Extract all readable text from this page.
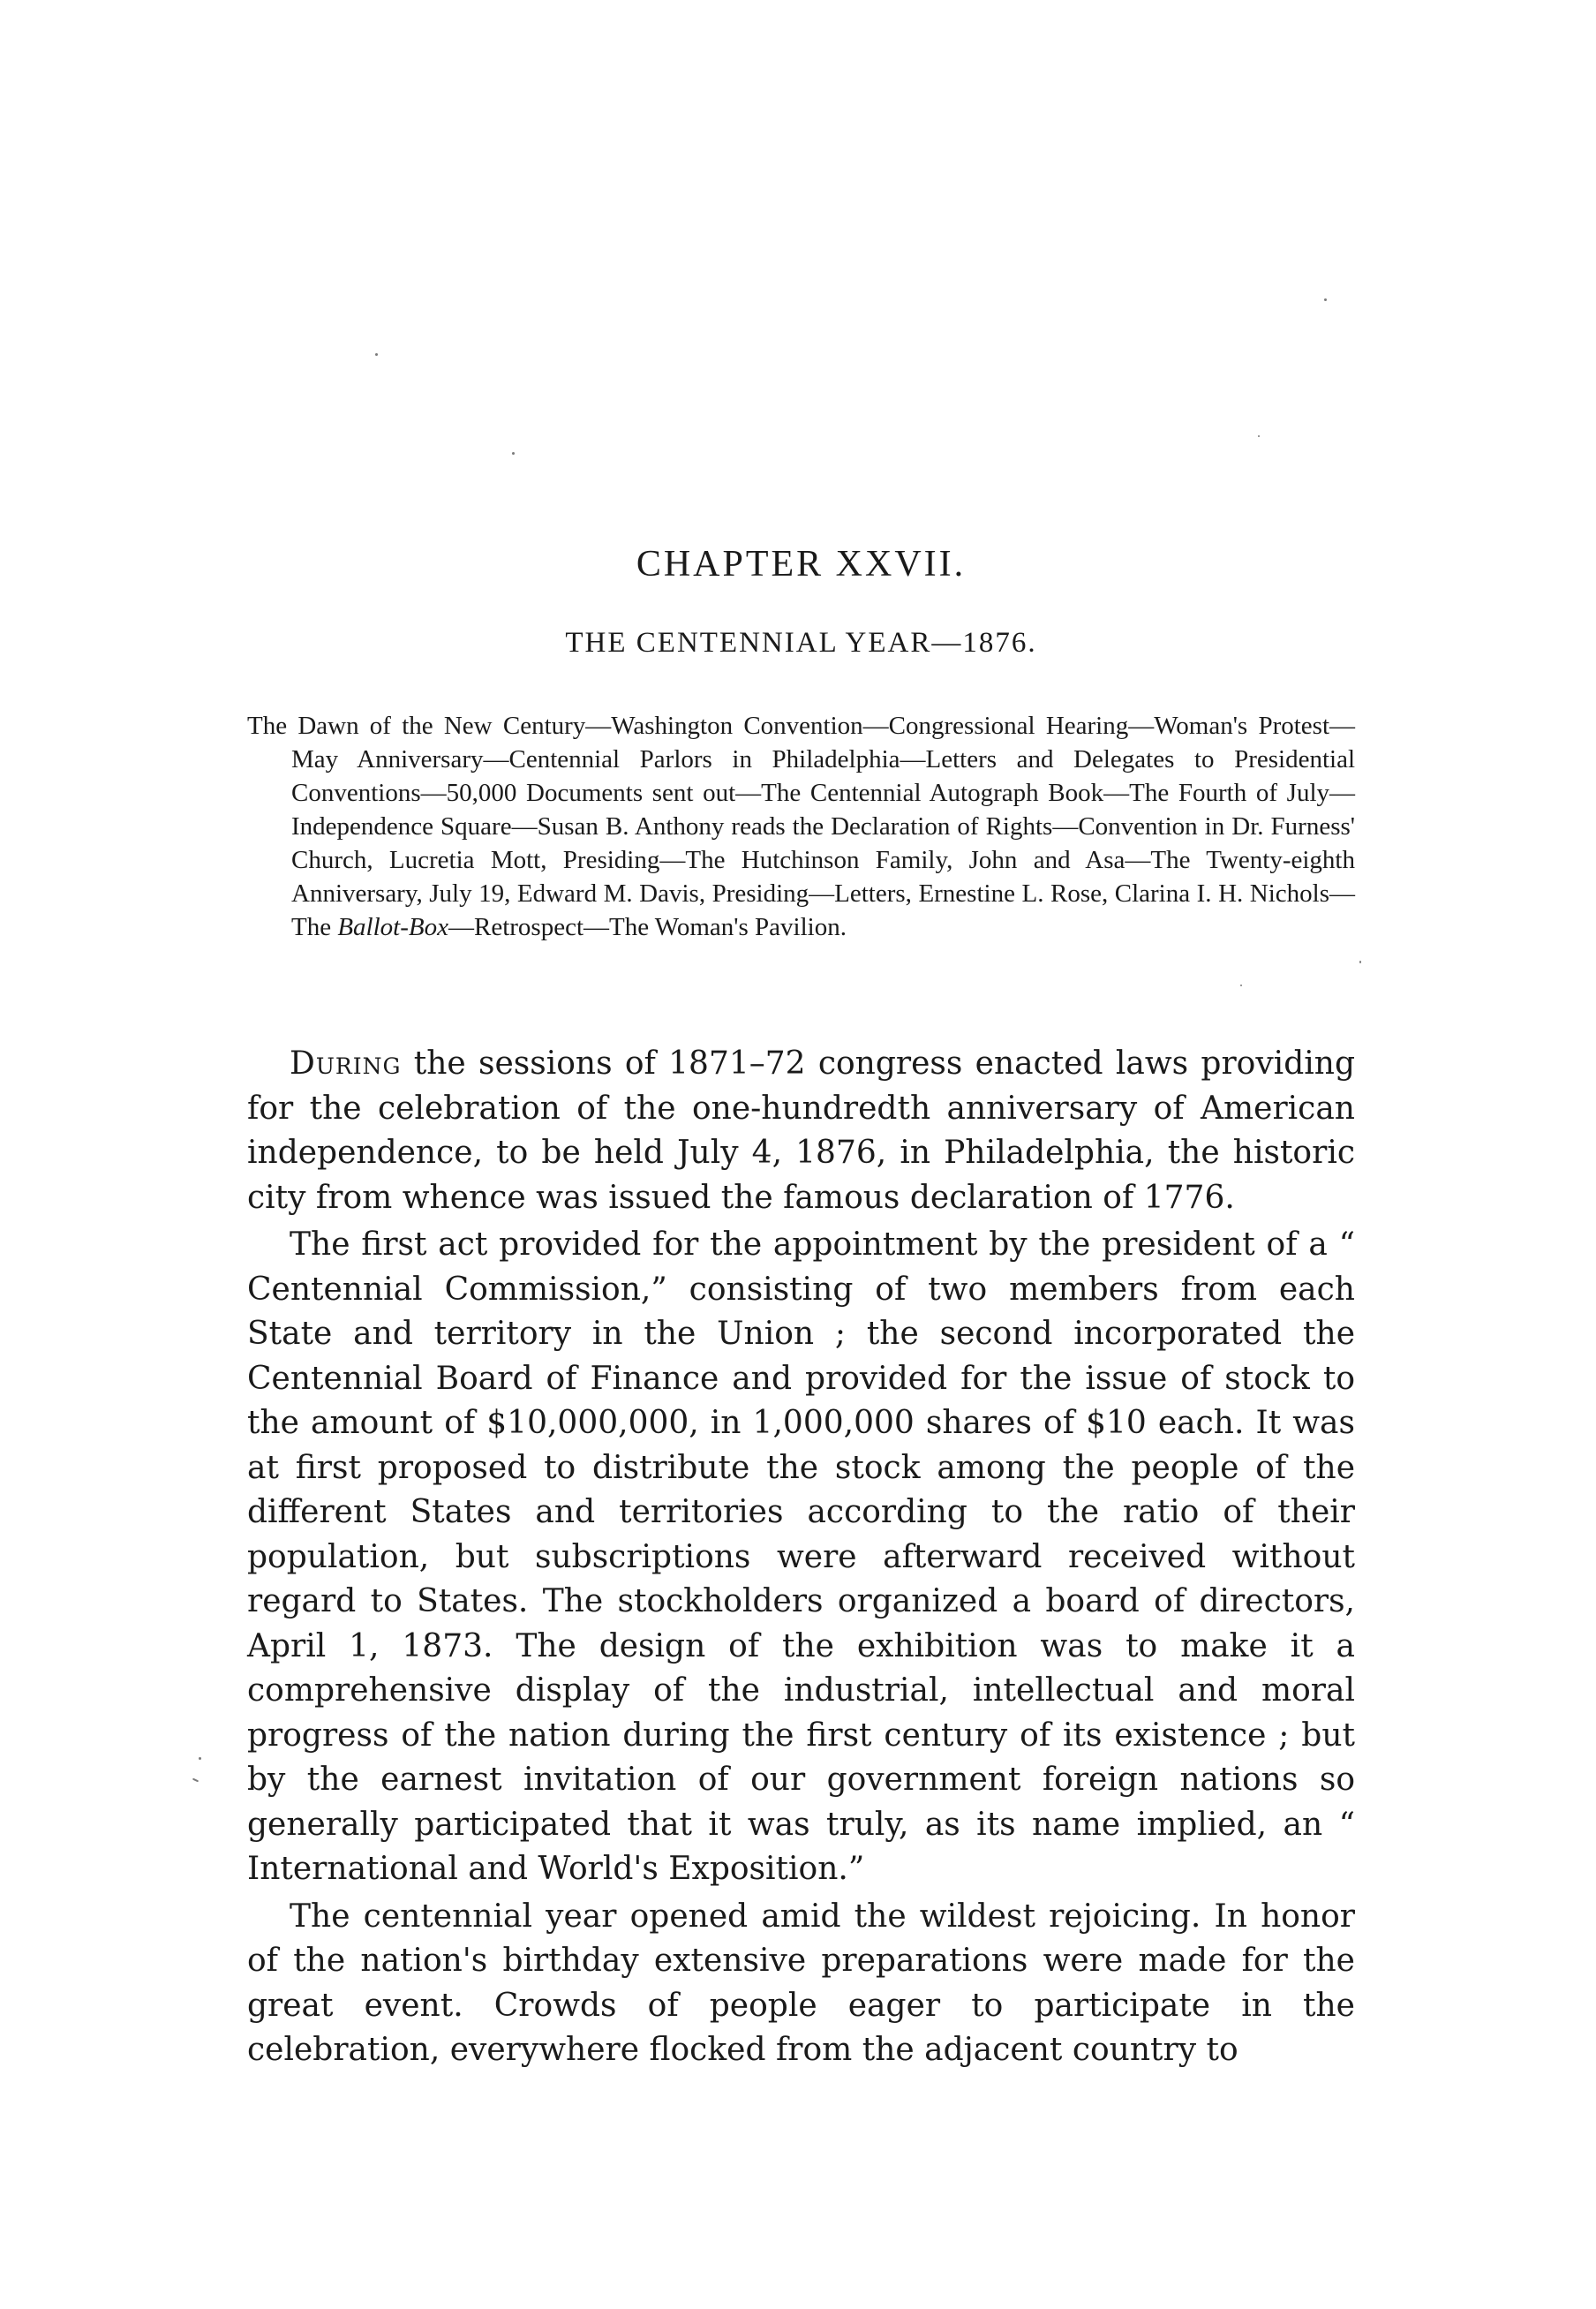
CHAPTER XXVII.
THE CENTENNIAL YEAR—1876.

The Dawn of the New Century—Washington Convention—Congressional Hearing—Woman's Protest—May Anniversary—Centennial Parlors in Philadelphia—Letters and Delegates to Presidential Conventions—50,000 Documents sent out—The Centennial Autograph Book—The Fourth of July—Independence Square—Susan B. Anthony reads the Declaration of Rights—Convention in Dr. Furness' Church, Lucretia Mott, Presiding—The Hutchinson Family, John and Asa—The Twenty-eighth Anniversary, July 19, Edward M. Davis, Presiding—Letters, Ernestine L. Rose, Clarina I. H. Nichols—The Ballot-Box—Retrospect—The Woman's Pavilion.

During the sessions of 1871–72 congress enacted laws providing for the celebration of the one-hundredth anniversary of American independence, to be held July 4, 1876, in Philadelphia, the historic city from whence was issued the famous declaration of 1776.

The first act provided for the appointment by the president of a “ Centennial Commission,” consisting of two members from each State and territory in the Union ; the second incorporated the Centennial Board of Finance and provided for the issue of stock to the amount of $10,000,000, in 1,000,000 shares of $10 each. It was at first proposed to distribute the stock among the people of the different States and territories according to the ratio of their population, but subscriptions were afterward received without regard to States. The stockholders organized a board of directors, April 1, 1873. The design of the exhibition was to make it a comprehensive display of the industrial, intellectual and moral progress of the nation during the first century of its existence ; but by the earnest invitation of our government foreign nations so generally participated that it was truly, as its name implied, an “ International and World's Exposition.”

The centennial year opened amid the wildest rejoicing. In honor of the nation's birthday extensive preparations were made for the great event. Crowds of people eager to participate in the celebration, everywhere flocked from the adjacent country to
